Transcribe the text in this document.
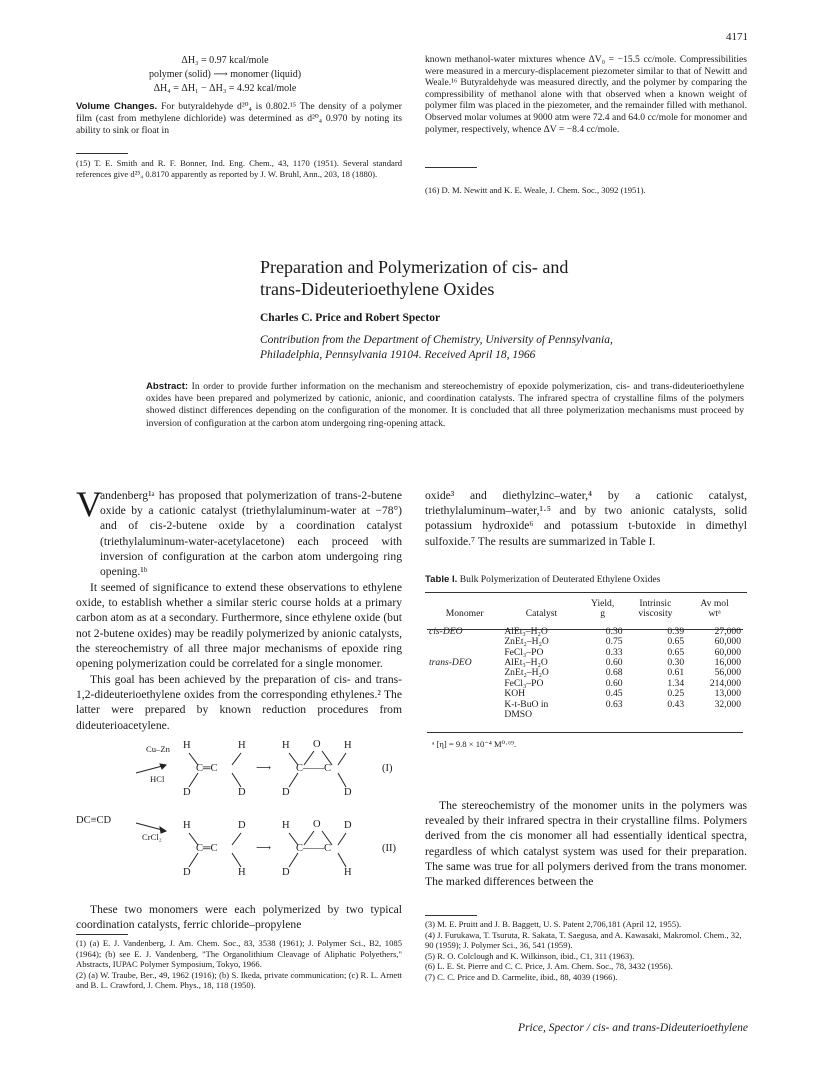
4171
ΔH₃ = 0.97 kcal/mole
polymer (solid) ⟶ monomer (liquid)
ΔH₄ = ΔH₁ − ΔH₃ = 4.92 kcal/mole
Volume Changes. For butyraldehyde d²⁰₄ is 0.802.¹⁵ The density of a polymer film (cast from methylene dichloride) was determined as d²⁰₄ 0.970 by noting its ability to sink or float in
(15) T. E. Smith and R. F. Bonner, Ind. Eng. Chem., 43, 1170 (1951). Several standard references give d²⁵₄ 0.8170 apparently as reported by J. W. Bruhl, Ann., 203, 18 (1880).
known methanol-water mixtures whence ΔV₀ = −15.5 cc/mole. Compressibilities were measured in a mercury-displacement piezometer similar to that of Newitt and Weale.¹⁶ Butyraldehyde was measured directly, and the polymer by comparing the compressibility of methanol alone with that observed when a known weight of polymer film was placed in the piezometer, and the remainder filled with methanol. Observed molar volumes at 9000 atm were 72.4 and 64.0 cc/mole for monomer and polymer, respectively, whence ΔV = −8.4 cc/mole.
(16) D. M. Newitt and K. E. Weale, J. Chem. Soc., 3092 (1951).
Preparation and Polymerization of cis- and
trans-Dideuterioethylene Oxides
Charles C. Price and Robert Spector
Contribution from the Department of Chemistry, University of Pennsylvania,
Philadelphia, Pennsylvania 19104. Received April 18, 1966
Abstract: In order to provide further information on the mechanism and stereochemistry of epoxide polymerization, cis- and trans-dideuterioethylene oxides have been prepared and polymerized by cationic, anionic, and coordination catalysts. The infrared spectra of crystalline films of the polymers showed distinct differences depending on the configuration of the monomer. It is concluded that all three polymerization mechanisms must proceed by inversion of configuration at the carbon atom undergoing ring-opening attack.
V
andenberg¹ᵃ has proposed that polymerization of trans-2-butene oxide by a cationic catalyst (triethylaluminum-water at −78°) and of cis-2-butene oxide by a coordination catalyst (triethylaluminum-water-acetylacetone) each proceed with inversion of configuration at the carbon atom undergoing ring opening.¹ᵇ
It seemed of significance to extend these observations to ethylene oxide, to establish whether a similar steric course holds at a primary carbon atom as at a secondary. Furthermore, since ethylene oxide (but not 2-butene oxides) may be readily polymerized by anionic catalysts, the stereochemistry of all three major mechanisms of epoxide ring opening polymerization could be correlated for a single monomer.
This goal has been achieved by the preparation of cis- and trans-1,2-dideuterioethylene oxides from the corresponding ethylenes.² The latter were prepared by known reduction procedures from dideuterioacetylene.
DC≡CD
Cu–Zn
HCl
CrCl₂
H	H
C═C
D	D
⟶
H O H
C——C
D	D
(I)
H	D
C═C
D	H
⟶
H O D
C——C
D	H
(II)
These two monomers were each polymerized by two typical coordination catalysts, ferric chloride–propylene
(1) (a) E. J. Vandenberg, J. Am. Chem. Soc., 83, 3538 (1961); J. Polymer Sci., B2, 1085 (1964); (b) see E. J. Vandenberg, "The Organolithium Cleavage of Aliphatic Polyethers," Abstracts, IUPAC Polymer Symposium, Tokyo, 1966.
(2) (a) W. Traube, Ber., 49, 1962 (1916); (b) S. Ikeda, private communication; (c) R. L. Arnett and B. L. Crawford, J. Chem. Phys., 18, 118 (1950).
oxide³ and diethylzinc–water,⁴ by a cationic catalyst, triethylaluminum–water,¹·⁵ and by two anionic catalysts, solid potassium hydroxide⁶ and potassium t-butoxide in dimethyl sulfoxide.⁷ The results are summarized in Table I.
Table I. Bulk Polymerization of Deuterated Ethylene Oxides
		Yield,	Intrinsic	Av mol
Monomer	Catalyst	g	viscosity	wtᵃ
cis-DEO	AlEt₃–H₂O	0.30	0.39	27,000
	ZnEt₂–H₂O	0.75	0.65	60,000
	FeCl₃–PO	0.33	0.65	60,000
trans-DEO	AlEt₃–H₂O	0.60	0.30	16,000
	ZnEt₂–H₂O	0.68	0.61	56,000
	FeCl₃–PO	0.60	1.34	214,000
	KOH	0.45	0.25	13,000
	K-t-BuO in	0.63	0.43	32,000
	DMSO			
ᵃ [η] = 9.8 × 10⁻⁴ M⁰·⁶⁹.
The stereochemistry of the monomer units in the polymers was revealed by their infrared spectra in their crystalline films. Polymers derived from the cis monomer all had essentially identical spectra, regardless of which catalyst system was used for their preparation. The same was true for all polymers derived from the trans monomer. The marked differences between the
(3) M. E. Pruitt and J. B. Baggett, U. S. Patent 2,706,181 (April 12, 1955).
(4) J. Furukawa, T. Tsuruta, R. Sakata, T. Saegusa, and A. Kawasaki, Makromol. Chem., 32, 90 (1959); J. Polymer Sci., 36, 541 (1959).
(5) R. O. Colclough and K. Wilkinson, ibid., C1, 311 (1963).
(6) L. E. St. Pierre and C. C. Price, J. Am. Chem. Soc., 78, 3432 (1956).
(7) C. C. Price and D. Carmelite, ibid., 88, 4039 (1966).
Price, Spector / cis- and trans-Dideuterioethylene
